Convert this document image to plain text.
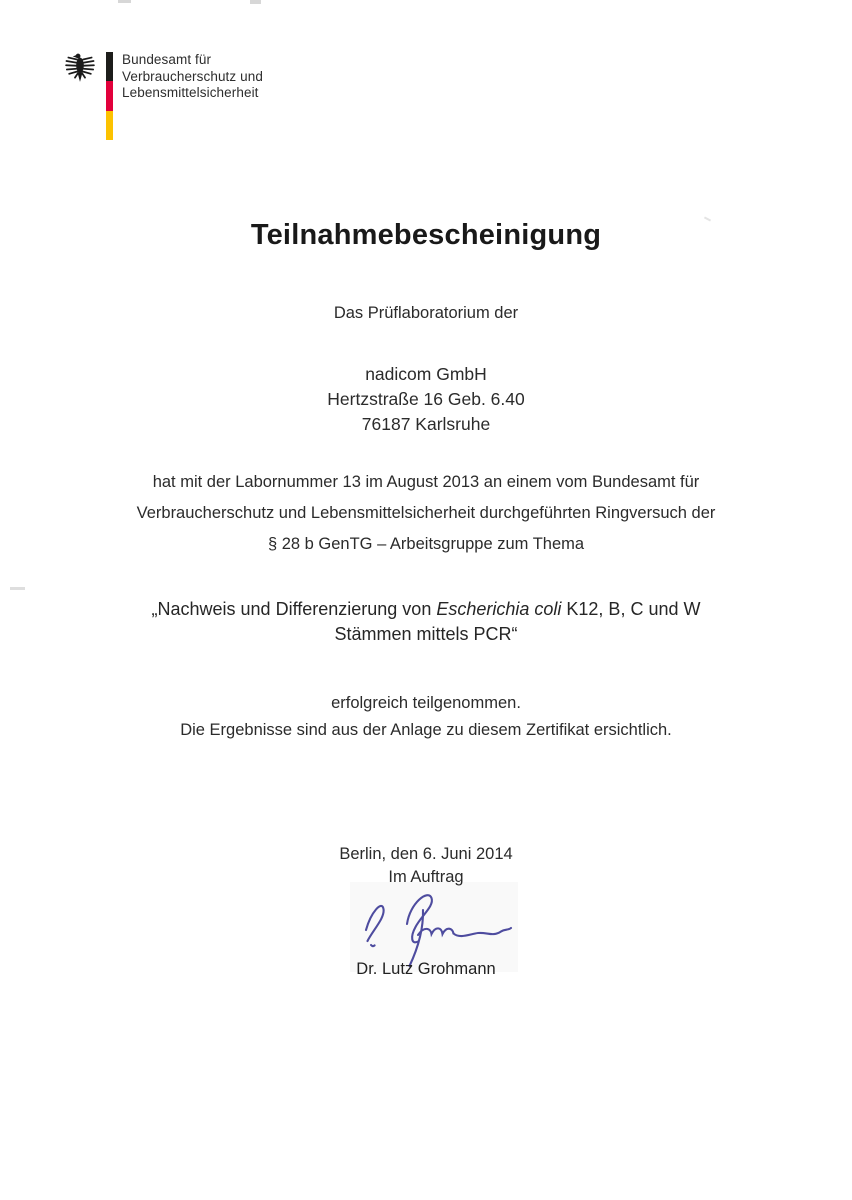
Bundesamt für
Verbraucherschutz und
Lebensmittelsicherheit
Teilnahmebescheinigung
Das Prüflaboratorium der
nadicom GmbH
Hertzstraße 16 Geb. 6.40
76187 Karlsruhe
hat mit der Labornummer 13 im August 2013 an einem vom Bundesamt für
Verbraucherschutz und Lebensmittelsicherheit durchgeführten Ringversuch der
§ 28 b GenTG – Arbeitsgruppe zum Thema
„Nachweis und Differenzierung von Escherichia coli K12, B, C und W
Stämmen mittels PCR“
erfolgreich teilgenommen.
Die Ergebnisse sind aus der Anlage zu diesem Zertifikat ersichtlich.
Berlin, den 6. Juni 2014
Im Auftrag
Dr. Lutz Grohmann
